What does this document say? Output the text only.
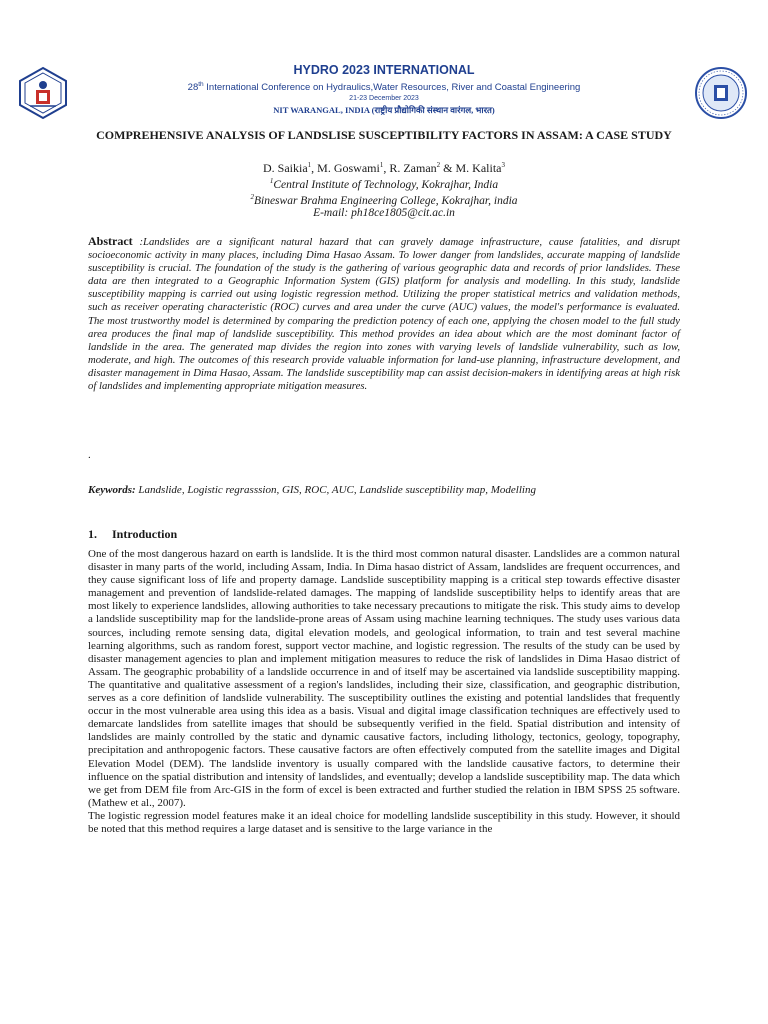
HYDRO 2023 INTERNATIONAL
28th International Conference on Hydraulics,Water Resources, River and Coastal Engineering
21-23 December 2023
NIT WARANGAL, INDIA (राष्ट्रीय प्रौद्योगिकी संस्थान वारंगल, भारत)
COMPREHENSIVE ANALYSIS OF LANDSLISE SUSCEPTIBILITY FACTORS IN ASSAM: A CASE STUDY
D. Saikia$^1$, M. Goswami$^1$, R. Zaman$^2$ & M. Kalita$^3$
$^1$Central Institute of Technology, Kokrajhar, India
$^2$Bineswar Brahma Engineering College, Kokrajhar, india
E-mail: ph18ce1805@cit.ac.in
Abstract :Landslides are a significant natural hazard that can gravely damage infrastructure, cause fatalities, and disrupt socioeconomic activity in many places, including Dima Hasao Assam. To lower danger from landslides, accurate mapping of landslide susceptibility is crucial. The foundation of the study is the gathering of various geographic data and records of prior landslides. These data are then integrated to a Geographic Information System (GIS) platform for analysis and modelling. In this study, landslide susceptibility mapping is carried out using logistic regression method. Utilizing the proper statistical metrics and validation methods, such as receiver operating characteristic (ROC) curves and area under the curve (AUC) values, the model's performance is evaluated. The most trustworthy model is determined by comparing the prediction potency of each one, applying the chosen model to the full study area produces the final map of landslide susceptibility. This method provides an idea about which are the most dominant factor of landslide in the area. The generated map divides the region into zones with varying levels of landslide vulnerability, such as low, moderate, and high. The outcomes of this research provide valuable information for land-use planning, infrastructure development, and disaster management in Dima Hasao, Assam. The landslide susceptibility map can assist decision-makers in identifying areas at high risk of landslides and implementing appropriate mitigation measures.
.
Keywords: Landslide, Logistic regrasssion, GIS, ROC, AUC, Landslide susceptibility map, Modelling
1. Introduction

One of the most dangerous hazard on earth is landslide. It is the third most common natural disaster. Landslides are a common natural disaster in many parts of the world, including Assam, India. In Dima hasao district of Assam, landslides are frequent occurrences, and they cause significant loss of life and property damage. Landslide susceptibility mapping is a critical step towards effective disaster management and prevention of landslide-related damages. The mapping of landslide susceptibility helps to identify areas that are most likely to experience landslides, allowing authorities to take necessary precautions to mitigate the risk. This study aims to develop a landslide susceptibility map for the landslide-prone areas of Assam using machine learning techniques. The study uses various data sources, including remote sensing data, digital elevation models, and geological information, to train and test several machine learning algorithms, such as random forest, support vector machine, and logistic regression. The results of the study can be used by disaster management agencies to plan and implement mitigation measures to reduce the risk of landslides in Dima Hasao district of Assam. The geographic probability of a landslide occurrence in and of itself may be ascertained via landslide susceptibility mapping. The quantitative and qualitative assessment of a region's landslides, including their size, classification, and geographic distribution, serves as a core definition of landslide vulnerability. The susceptibility outlines the existing and potential landslides that frequently occur in the most vulnerable area using this idea as a basis. Visual and digital image classification techniques are effectively used to demarcate landslides from satellite images that should be subsequently verified in the field. Spatial distribution and intensity of landslides are mainly controlled by the static and dynamic causative factors, including lithology, tectonics, geology, topography, precipitation and anthropogenic factors. These causative factors are often effectively computed from the satellite images and Digital Elevation Model (DEM). The landslide inventory is usually compared with the landslide causative factors, to determine their influence on the spatial distribution and intensity of landslides, and eventually; develop a landslide susceptibility map. The data which we get from DEM file from Arc-GIS in the form of excel is been extracted and further studied the relation in IBM SPSS 25 software. (Mathew et al., 2007).

The logistic regression model features make it an ideal choice for modelling landslide susceptibility in this study. However, it should be noted that this method requires a large dataset and is sensitive to the large variance in the
